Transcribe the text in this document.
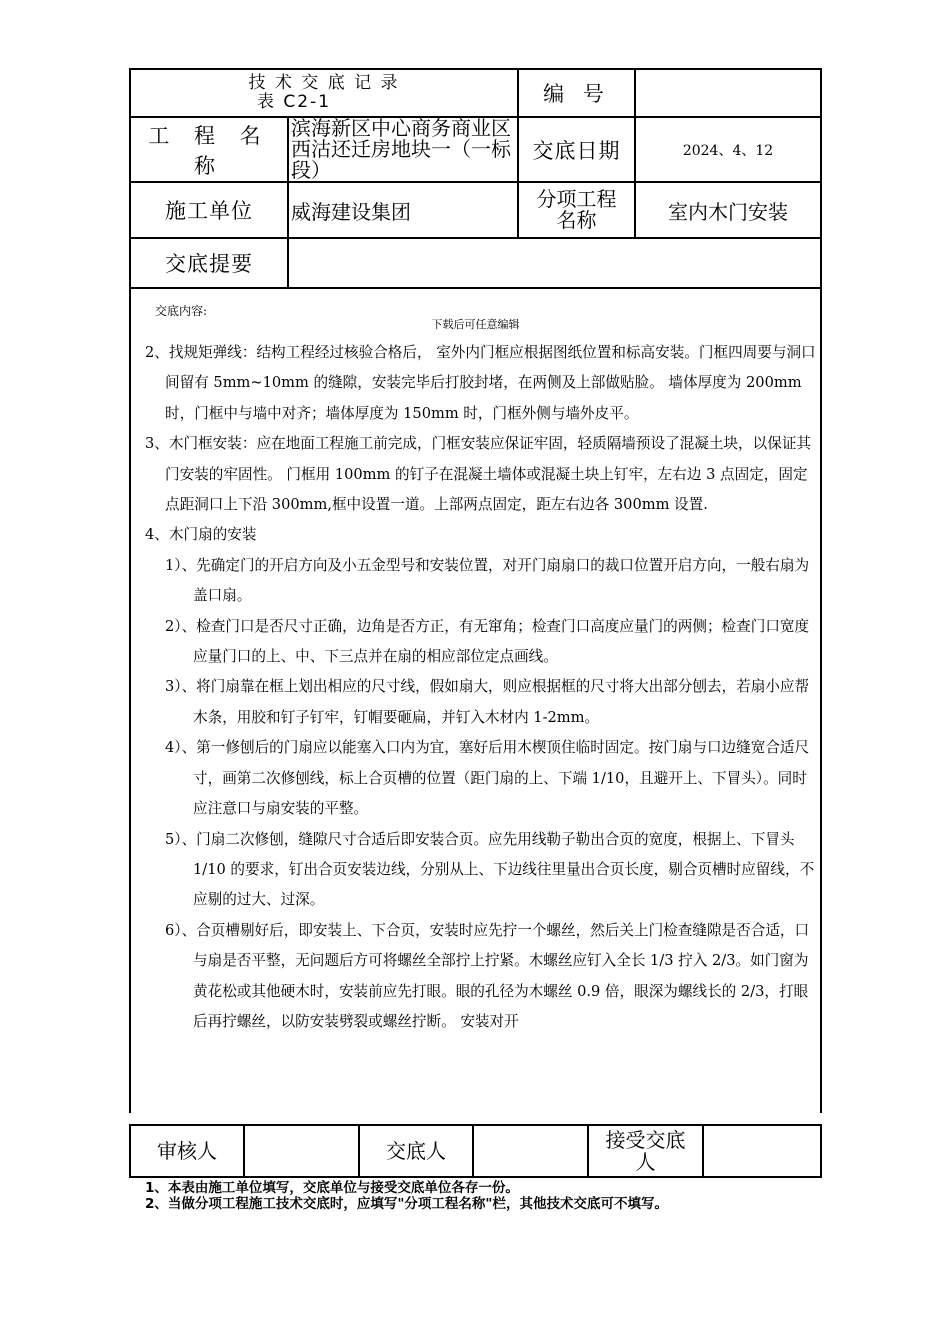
技 术 交 底 记 录
表 C2-1		编 号	
工 程 名 称	滨海新区中心商务商业区西沽还迁房地块一（一标段）	交底日期	2024、4、12
施工单位	威海建设集团	分项工程名称	室内木门安装
交底提要			
交底内容:
下载后可任意编辑

2、找规矩弹线：结构工程经过核验合格后， 室外内门框应根据图纸位置和标高安装。门框四周要与洞口间留有 5mm~10mm 的缝隙，安装完毕后打胶封堵，在两侧及上部做贴脸。 墙体厚度为 200mm 时，门框中与墙中对齐；墙体厚度为 150mm 时，门框外侧与墙外皮平。

3、木门框安装：应在地面工程施工前完成，门框安装应保证牢固，轻质隔墙预设了混凝土块，以保证其门安装的牢固性。 门框用 100mm 的钉子在混凝土墙体或混凝土块上钉牢，左右边 3 点固定，固定点距洞口上下沿 300mm,框中设置一道。上部两点固定，距左右边各 300mm 设置.

4、木门扇的安装

1）、先确定门的开启方向及小五金型号和安装位置，对开门扇扇口的裁口位置开启方向，一般右扇为盖口扇。

2）、检查门口是否尺寸正确，边角是否方正，有无窜角；检查门口高度应量门的两侧；检查门口宽度应量门口的上、中、下三点并在扇的相应部位定点画线。

3）、将门扇靠在框上划出相应的尺寸线，假如扇大，则应根据框的尺寸将大出部分刨去，若扇小应帮木条，用胶和钉子钉牢，钉帽要砸扁，并钉入木材内 1-2mm。

4）、第一修刨后的门扇应以能塞入口内为宜，塞好后用木楔顶住临时固定。按门扇与口边缝宽合适尺寸，画第二次修刨线，标上合页槽的位置（距门扇的上、下端 1/10，且避开上、下冒头）。同时应注意口与扇安装的平整。

5）、门扇二次修刨，缝隙尺寸合适后即安装合页。应先用线勒子勒出合页的宽度，根据上、下冒头 1/10 的要求，钉出合页安装边线，分别从上、下边线往里量出合页长度，剔合页槽时应留线，不应剔的过大、过深。

6）、合页槽剔好后，即安装上、下合页，安装时应先拧一个螺丝，然后关上门检查缝隙是否合适，口与扇是否平整，无问题后方可将螺丝全部拧上拧紧。木螺丝应钉入全长 1/3 拧入 2/3。如门窗为黄花松或其他硬木时，安装前应先打眼。眼的孔径为木螺丝 0.9 倍，眼深为螺线长的 2/3，打眼后再拧螺丝，以防安装劈裂或螺丝拧断。 安装对开

审核人		交底人		接受交底人	
1、本表由施工单位填写，交底单位与接受交底单位各存一份。
2、当做分项工程施工技术交底时，应填写"分项工程名称"栏，其他技术交底可不填写。
